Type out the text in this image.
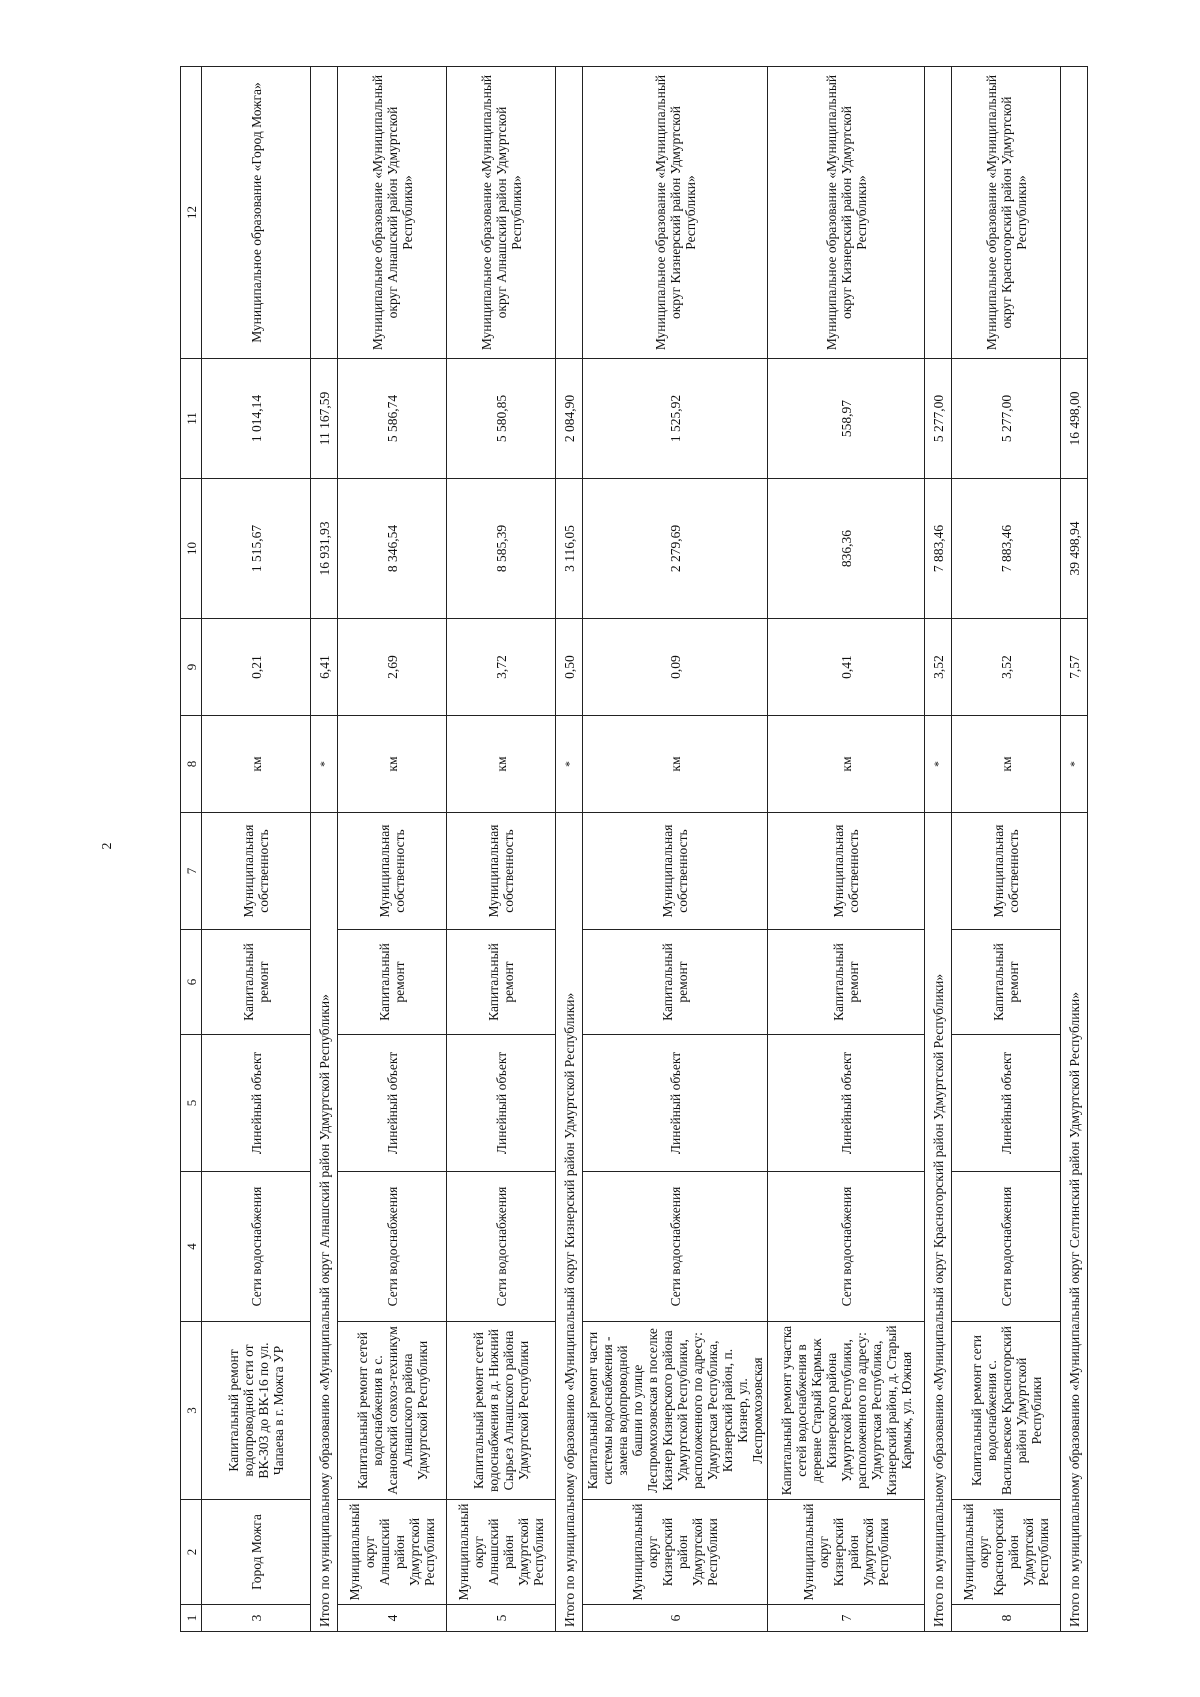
2
1	2	3	4	5	6	7	8	9	10	11	12
3	Город Можга	Капитальный ремонт водопроводной сети от ВК-303 до ВК-16 по ул. Чапаева в г. Можга УР	Сети водоснабжения	Линейный объект	Капитальный ремонт	Муниципальная собственность	км	0,21	1 515,67	1 014,14	Муниципальное образование «Город Можга»
Итого по муниципальному образованию «Муниципальный округ Алнашский район Удмуртской Республики»							*	6,41	16 931,93	11 167,59	
4	Муниципальный округ Алнашский район Удмуртской Республики	Капитальный ремонт сетей водоснабжения в с. Асановский совхоз-техникум Алнашского района Удмуртской Республики	Сети водоснабжения	Линейный объект	Капитальный ремонт	Муниципальная собственность	км	2,69	8 346,54	5 586,74	Муниципальное образование «Муниципальный округ Алнашский район Удмуртской Республики»
5	Муниципальный округ Алнашский район Удмуртской Республики	Капитальный ремонт сетей водоснабжения в д. Нижний Сырьез Алнашского района Удмуртской Республики	Сети водоснабжения	Линейный объект	Капитальный ремонт	Муниципальная собственность	км	3,72	8 585,39	5 580,85	Муниципальное образование «Муниципальный округ Алнашский район Удмуртской Республики»
Итого по муниципальному образованию «Муниципальный округ Кизнерский район Удмуртской Республики»							*	0,50	3 116,05	2 084,90	
6	Муниципальный округ Кизнерский район Удмуртской Республики	Капитальный ремонт части системы водоснабжения - замена водопроводной башни по улице Леспромхозовская в поселке Кизнер Кизнерского района Удмуртской Республики, расположенного по адресу: Удмуртская Республика, Кизнерский район, п. Кизнер, ул. Леспромхозовская	Сети водоснабжения	Линейный объект	Капитальный ремонт	Муниципальная собственность	км	0,09	2 279,69	1 525,92	Муниципальное образование «Муниципальный округ Кизнерский район Удмуртской Республики»
7	Муниципальный округ Кизнерский район Удмуртской Республики	Капитальный ремонт участка сетей водоснабжения в деревне Старый Кармыж Кизнерского района Удмуртской Республики, расположенного по адресу: Удмуртская Республика, Кизнерский район, д. Старый Кармыж, ул. Южная	Сети водоснабжения	Линейный объект	Капитальный ремонт	Муниципальная собственность	км	0,41	836,36	558,97	Муниципальное образование «Муниципальный округ Кизнерский район Удмуртской Республики»
Итого по муниципальному образованию «Муниципальный округ Красногорский район Удмуртской Республики»							*	3,52	7 883,46	5 277,00	
8	Муниципальный округ Красногорский район Удмуртской Республики	Капитальный ремонт сети водоснабжения с. Васильевское Красногорский район Удмуртской Республики	Сети водоснабжения	Линейный объект	Капитальный ремонт	Муниципальная собственность	км	3,52	7 883,46	5 277,00	Муниципальное образование «Муниципальный округ Красногорский район Удмуртской Республики»
Итого по муниципальному образованию «Муниципальный округ Селтинский район Удмуртской Республики»							*	7,57	39 498,94	16 498,00	
